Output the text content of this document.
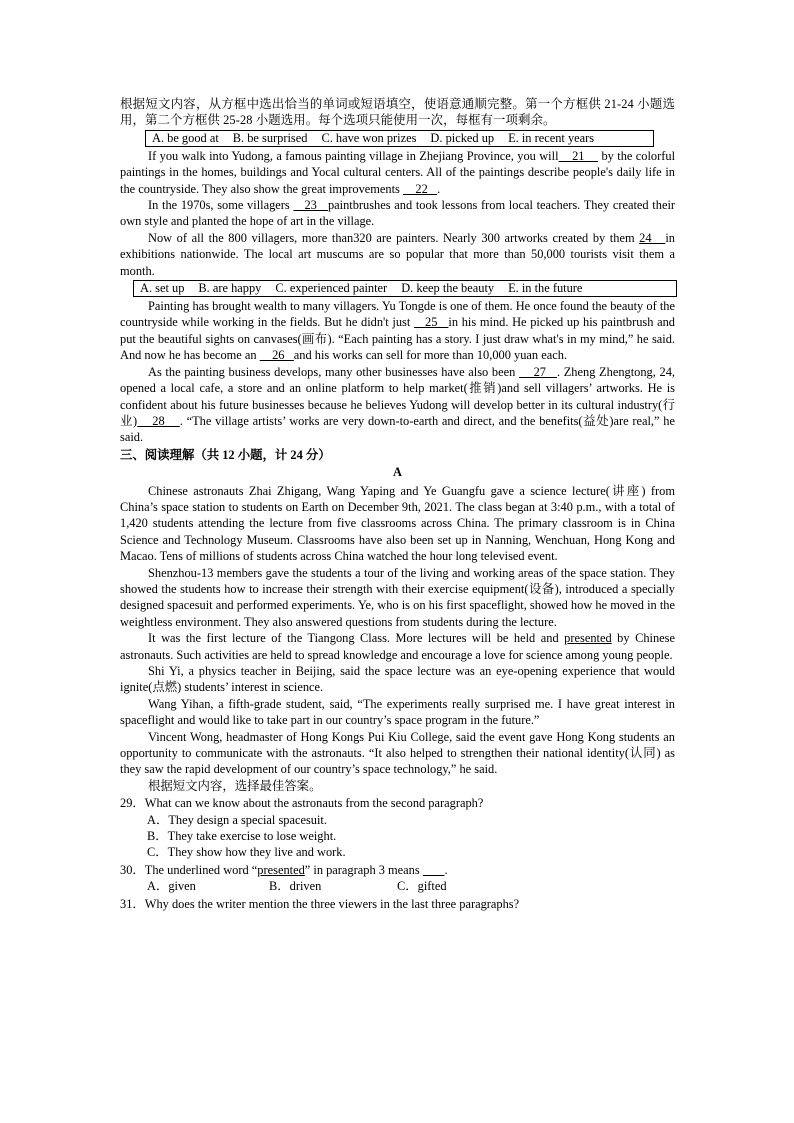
根据短文内容，从方框中选出恰当的单词或短语填空，使语意通顺完整。第一个方框供 21-24 小题选用，第二个方框供 25-28 小题选用。每个选项只能使用一次，每框有一项剩余。

A. be good at B. be surprised C. have won prizes D. picked up E. in recent years

If you walk into Yudong, a famous painting village in Zhejiang Province, you will    21     by the colorful paintings in the homes, buildings and Yocal cultural centers. All of the paintings describe people's daily life in the countryside. They also show the great improvements     22   .

In the 1970s, some villagers    23   paintbrushes and took lessons from local teachers. They created their own style and planted the hope of art in the village.

Now of all the 800 villagers, more than320 are painters. Nearly 300 artworks created by them 24   in exhibitions nationwide. The local art muscums are so popular that more than 50,000 tourists visit them a month.

A. set up B. are happy C. experienced painter D. keep the beauty E. in the future

Painting has brought wealth to many villagers. Yu Tongde is one of them. He once found the beauty of the countryside while working in the fields. But he didn't just    25   in his mind. He picked up his paintbrush and put the beautiful sights on canvases(画布). “Each painting has a story. I just draw what's in my mind,” he said. And now he has become an     26   and his works can sell for more than 10,000 yuan each.

As the painting business develops, many other businesses have also been     27   . Zheng Zhengtong, 24, opened a local cafe, a store and an online platform to help market(推销)and sell villagers’ artworks. He is confident about his future businesses because he believes Yudong will develop better in its cultural industry(行业)    28    . “The village artists’ works are very down-to-earth and direct, and the benefits(益处)are real,” he said.

三、阅读理解（共 12 小题，计 24 分）

A

Chinese astronauts Zhai Zhigang, Wang Yaping and Ye Guangfu gave a science lecture(讲座) from China’s space station to students on Earth on December 9th, 2021. The class began at 3:40 p.m., with a total of 1,420 students attending the lecture from five classrooms across China. The primary classroom is in China Science and Technology Museum. Classrooms have also been set up in Nanning, Wenchuan, Hong Kong and Macao. Tens of millions of students across China watched the hour long televised event.

Shenzhou-13 members gave the students a tour of the living and working areas of the space station. They showed the students how to increase their strength with their exercise equipment(设备), introduced a specially designed spacesuit and performed experiments. Ye, who is on his first spaceflight, showed how he moved in the weightless environment. They also answered questions from students during the lecture.

It was the first lecture of the Tiangong Class. More lectures will be held and presented by Chinese astronauts. Such activities are held to spread knowledge and encourage a love for science among young people.

Shi Yi, a physics teacher in Beijing, said the space lecture was an eye-opening experience that would ignite(点燃) students’ interest in science.

Wang Yihan, a fifth-grade student, said, “The experiments really surprised me. I have great interest in spaceflight and would like to take part in our country’s space program in the future.”

Vincent Wong, headmaster of Hong Kongs Pui Kiu College, said the event gave Hong Kong students an opportunity to communicate with the astronauts. “It also helped to strengthen their national identity(认同) as they saw the rapid development of our country’s space technology,” he said.

根据短文内容，选择最佳答案。

29．What can we know about the astronauts from the second paragraph?

A．They design a special spacesuit.

B．They take exercise to lose weight.

C．They show how they live and work.

30．The underlined word “presented” in paragraph 3 means        .

A．given	B．driven	C．gifted

31．Why does the writer mention the three viewers in the last three paragraphs?
